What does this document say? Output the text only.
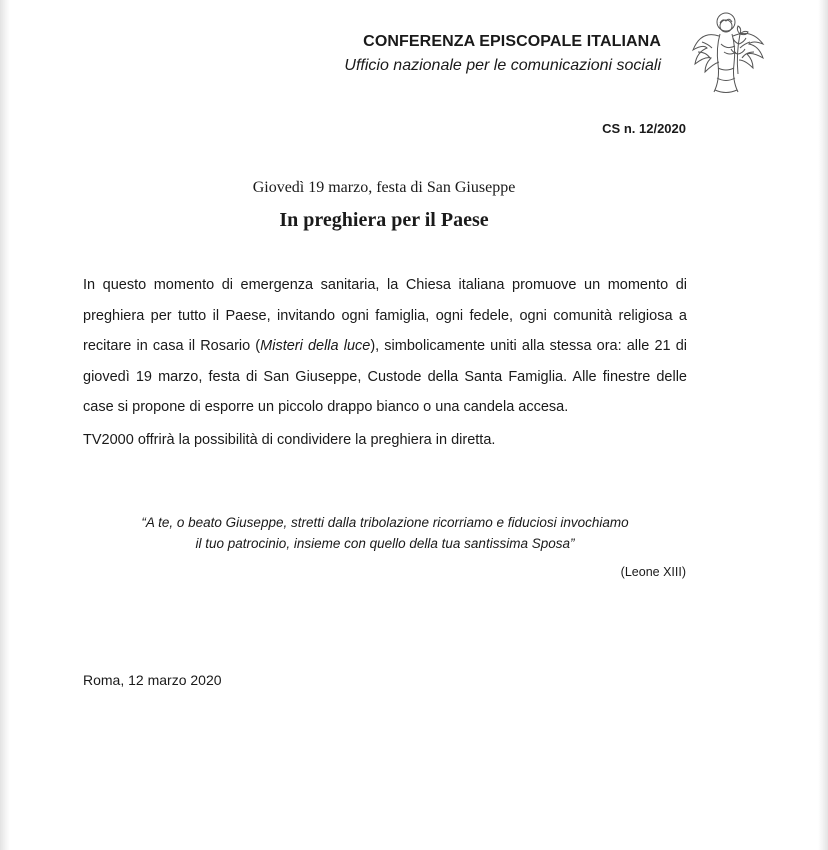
CONFERENZA EPISCOPALE ITALIANA
Ufficio nazionale per le comunicazioni sociali
CS n. 12/2020
Giovedì 19 marzo, festa di San Giuseppe
In preghiera per il Paese

In questo momento di emergenza sanitaria, la Chiesa italiana promuove un momento di preghiera per tutto il Paese, invitando ogni famiglia, ogni fedele, ogni comunità religiosa a recitare in casa il Rosario (Misteri della luce), simbolicamente uniti alla stessa ora: alle 21 di giovedì 19 marzo, festa di San Giuseppe, Custode della Santa Famiglia. Alle finestre delle case si propone di esporre un piccolo drappo bianco o una candela accesa.

TV2000 offrirà la possibilità di condividere la preghiera in diretta.
“A te, o beato Giuseppe, stretti dalla tribolazione ricorriamo e fiduciosi invochiamo
il tuo patrocinio, insieme con quello della tua santissima Sposa”
(Leone XIII)
Roma, 12 marzo 2020
